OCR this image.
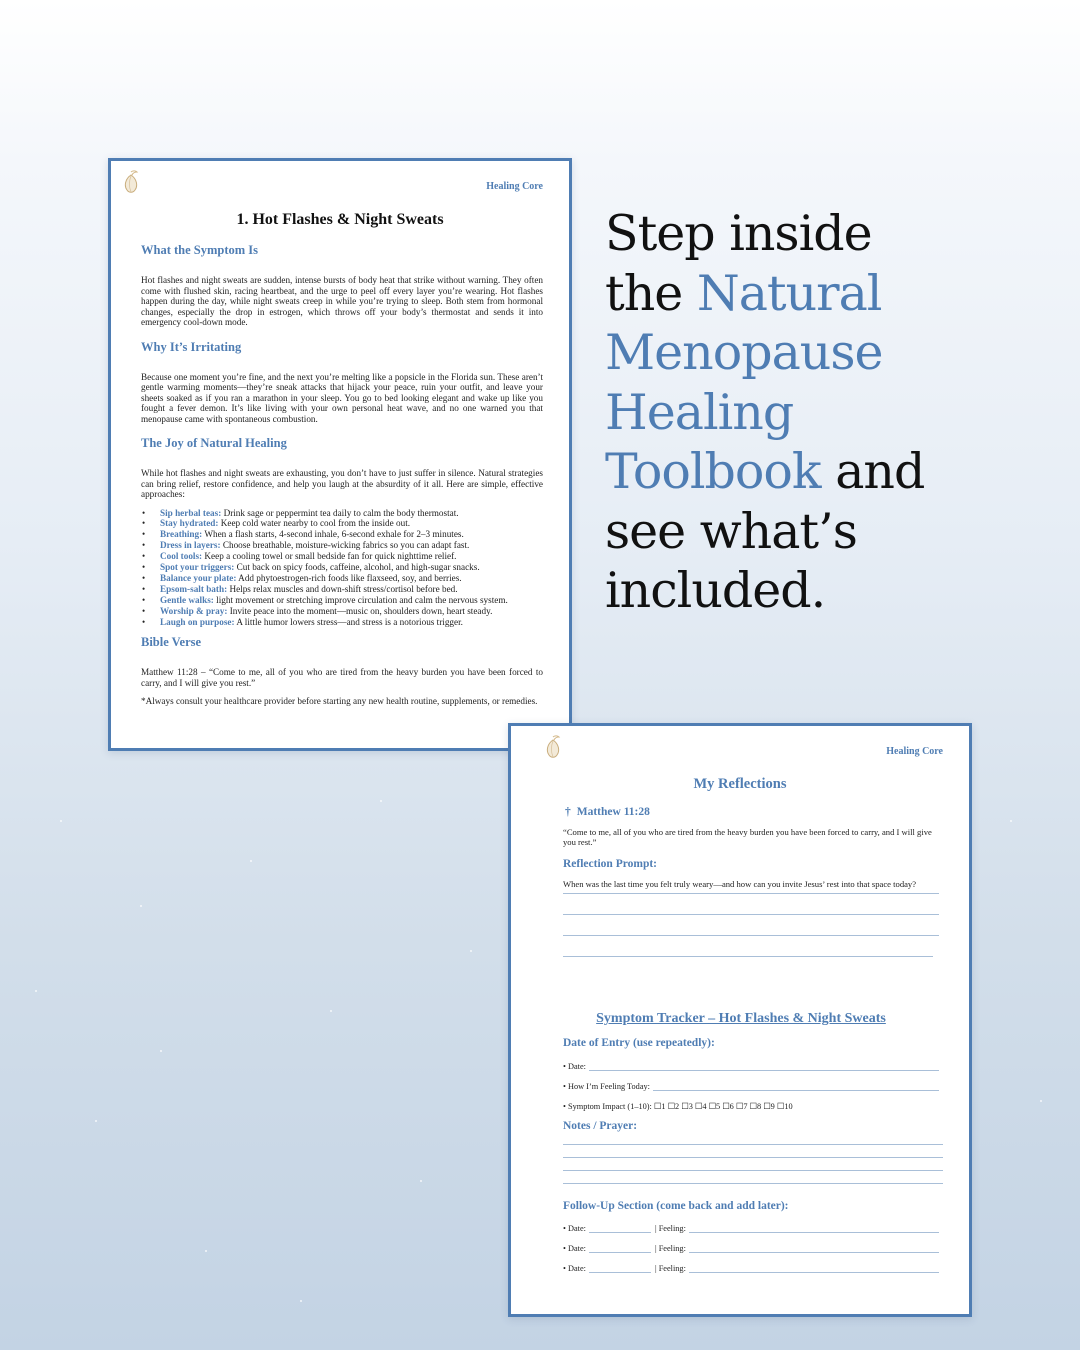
Healing Core
1. Hot Flashes & Night Sweats
What the Symptom Is
Hot flashes and night sweats are sudden, intense bursts of body heat that strike without warning. They often come with flushed skin, racing heartbeat, and the urge to peel off every layer you’re wearing. Hot flashes happen during the day, while night sweats creep in while you’re trying to sleep. Both stem from hormonal changes, especially the drop in estrogen, which throws off your body’s thermostat and sends it into emergency cool-down mode.
Why It’s Irritating
Because one moment you’re fine, and the next you’re melting like a popsicle in the Florida sun. These aren’t gentle warming moments—they’re sneak attacks that hijack your peace, ruin your outfit, and leave your sheets soaked as if you ran a marathon in your sleep. You go to bed looking elegant and wake up like you fought a fever demon. It’s like living with your own personal heat wave, and no one warned you that menopause came with spontaneous combustion.
The Joy of Natural Healing
While hot flashes and night sweats are exhausting, you don’t have to just suffer in silence. Natural strategies can bring relief, restore confidence, and help you laugh at the absurdity of it all. Here are simple, effective approaches:
• Sip herbal teas: Drink sage or peppermint tea daily to calm the body thermostat.
• Stay hydrated: Keep cold water nearby to cool from the inside out.
• Breathing: When a flash starts, 4-second inhale, 6-second exhale for 2–3 minutes.
• Dress in layers: Choose breathable, moisture-wicking fabrics so you can adapt fast.
• Cool tools: Keep a cooling towel or small bedside fan for quick nighttime relief.
• Spot your triggers: Cut back on spicy foods, caffeine, alcohol, and high-sugar snacks.
• Balance your plate: Add phytoestrogen-rich foods like flaxseed, soy, and berries.
• Epsom-salt bath: Helps relax muscles and down-shift stress/cortisol before bed.
• Gentle walks: light movement or stretching improve circulation and calm the nervous system.
• Worship & pray: Invite peace into the moment—music on, shoulders down, heart steady.
• Laugh on purpose: A little humor lowers stress—and stress is a notorious trigger.
Bible Verse
Matthew 11:28 – “Come to me, all of you who are tired from the heavy burden you have been forced to carry, and I will give you rest.”
*Always consult your healthcare provider before starting any new health routine, supplements, or remedies.
Step inside
the Natural
Menopause
Healing
Toolbook and
see what’s
included.
Healing Core
My Reflections
† Matthew 11:28
“Come to me, all of you who are tired from the heavy burden you have been forced to carry, and I will give you rest.”
Reflection Prompt:
When was the last time you felt truly weary—and how can you invite Jesus’ rest into that space today?
Symptom Tracker – Hot Flashes & Night Sweats
Date of Entry (use repeatedly):
• Date:
• How I’m Feeling Today:
• Symptom Impact (1–10): ☐1 ☐2 ☐3 ☐4 ☐5 ☐6 ☐7 ☐8 ☐9 ☐10
Notes / Prayer:
Follow-Up Section (come back and add later):
• Date:	| Feeling:
• Date:	| Feeling:
• Date:	| Feeling:
